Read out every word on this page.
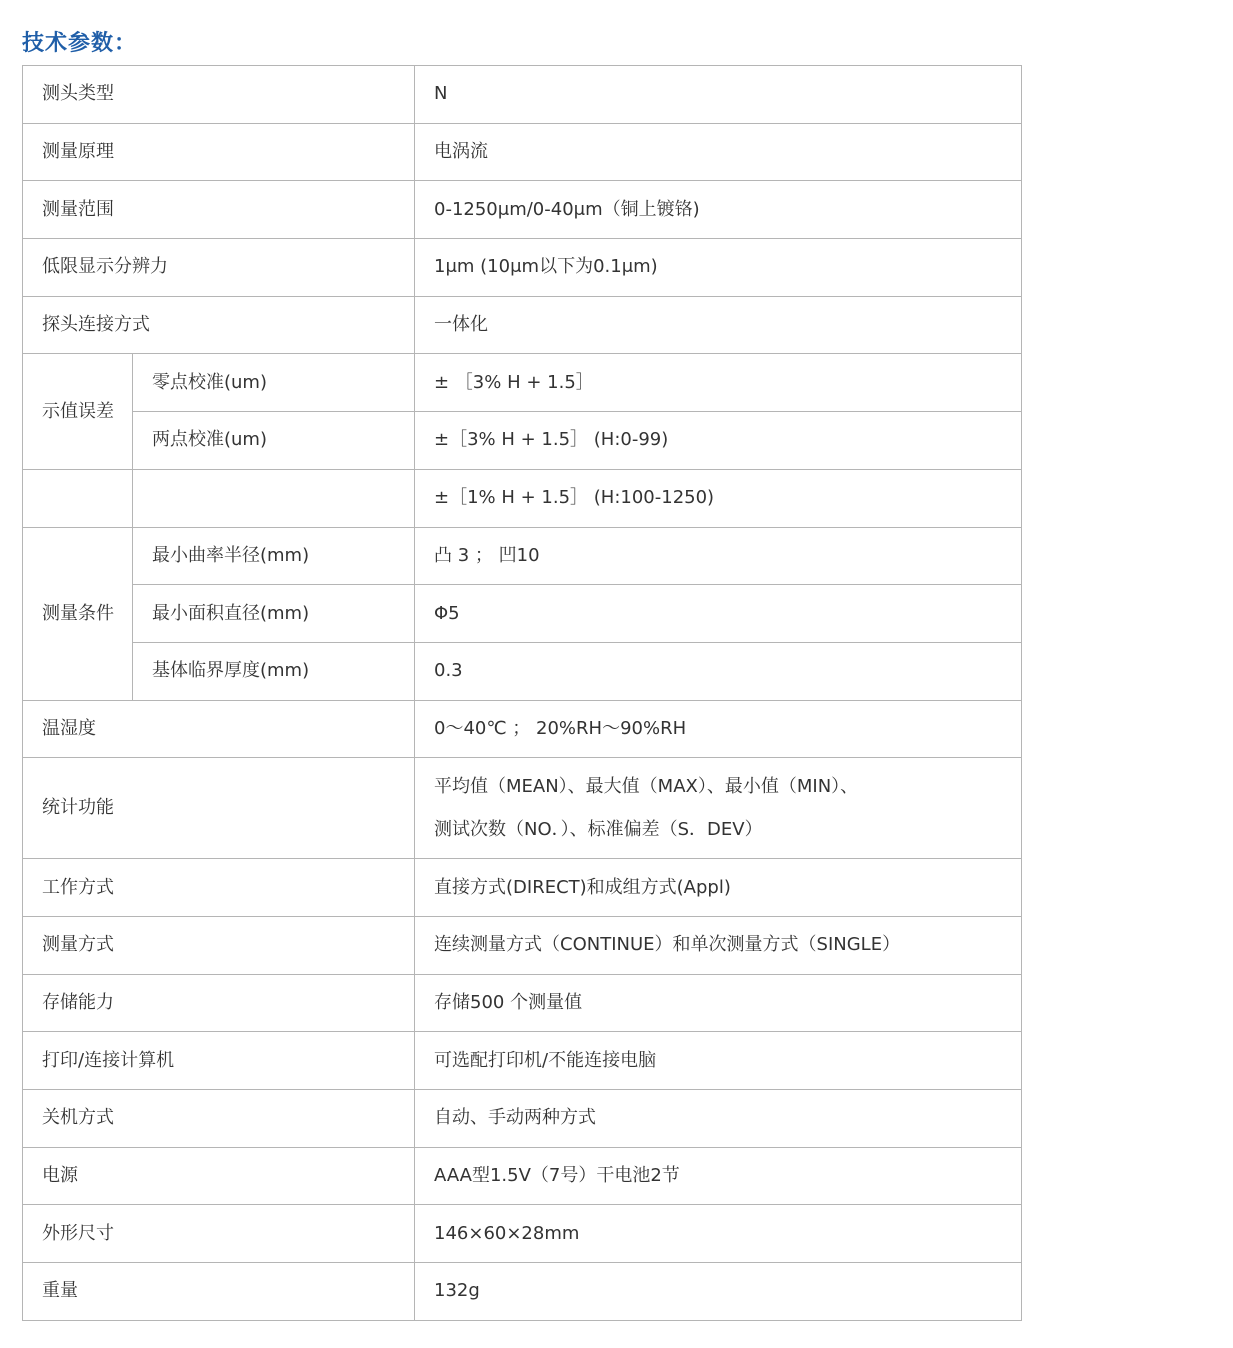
技术参数：
测头类型		N
测量原理		电涡流
测量范围		0-1250μm/0-40μm（铜上镀铬)
低限显示分辨力		1μm (10μm以下为0.1μm)
探头连接方式		一体化
示值误差	零点校准(um)	± ［3% H + 1.5］
	两点校准(um)	±［3% H + 1.5］ (H:0-99)
		±［1% H + 1.5］ (H:100-1250)
测量条件	最小曲率半径(mm)	凸 3 ； 凹10
	最小面积直径(mm)	Φ5
	基体临界厚度(mm)	0.3
温湿度		0～40℃ ； 20%RH～90%RH
统计功能		平均值（MEAN）、最大值（MAX）、最小值（MIN）、
测试次数（NO．）、标准偏差（S．DEV）

工作方式		直接方式(DIRECT)和成组方式(Appl)
测量方式		连续测量方式（CONTINUE）和单次测量方式（SINGLE）
存储能力		存储500 个测量值
打印/连接计算机		可选配打印机/不能连接电脑
关机方式		自动、手动两种方式
电源		AAA型1.5V（7号）干电池2节
外形尺寸		146×60×28mm
重量		132g
